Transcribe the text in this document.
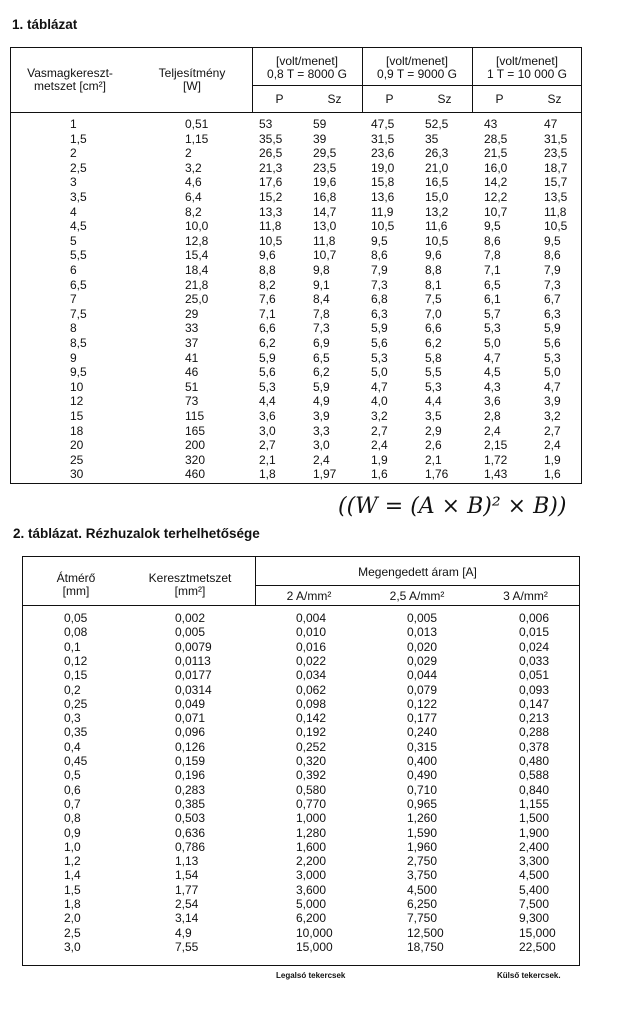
1. táblázat
Vasmagkereszt-
metszet [cm²]
Teljesítmény
[W]
[volt/menet]
0,8 T = 8000 G
[volt/menet]
0,9 T = 9000 G
[volt/menet]
1 T = 10 000 G
P	Sz	P	Sz	P	Sz
1	0,51	53	59	47,5	52,5	43	47
1,5	1,15	35,5	39	31,5	35	28,5	31,5
2	2	26,5	29,5	23,6	26,3	21,5	23,5
2,5	3,2	21,3	23,5	19,0	21,0	16,0	18,7
3	4,6	17,6	19,6	15,8	16,5	14,2	15,7
3,5	6,4	15,2	16,8	13,6	15,0	12,2	13,5
4	8,2	13,3	14,7	11,9	13,2	10,7	11,8
4,5	10,0	11,8	13,0	10,5	11,6	9,5	10,5
5	12,8	10,5	11,8	9,5	10,5	8,6	9,5
5,5	15,4	9,6	10,7	8,6	9,6	7,8	8,6
6	18,4	8,8	9,8	7,9	8,8	7,1	7,9
6,5	21,8	8,2	9,1	7,3	8,1	6,5	7,3
7	25,0	7,6	8,4	6,8	7,5	6,1	6,7
7,5	29	7,1	7,8	6,3	7,0	5,7	6,3
8	33	6,6	7,3	5,9	6,6	5,3	5,9
8,5	37	6,2	6,9	5,6	6,2	5,0	5,6
9	41	5,9	6,5	5,3	5,8	4,7	5,3
9,5	46	5,6	6,2	5,0	5,5	4,5	5,0
10	51	5,3	5,9	4,7	5,3	4,3	4,7
12	73	4,4	4,9	4,0	4,4	3,6	3,9
15	115	3,6	3,9	3,2	3,5	2,8	3,2
18	165	3,0	3,3	2,7	2,9	2,4	2,7
20	200	2,7	3,0	2,4	2,6	2,15	2,4
25	320	2,1	2,4	1,9	2,1	1,72	1,9
30	460	1,8	1,97	1,6	1,76	1,43	1,6
((W = (A × B)² × B))
2. táblázat. Rézhuzalok terhelhetősége
Átmérő
[mm]
Keresztmetszet
[mm²]
Megengedett áram [A]
2 A/mm²	2,5 A/mm²	3 A/mm²
0,05	0,002	0,004	0,005	0,006
0,08	0,005	0,010	0,013	0,015
0,1	0,0079	0,016	0,020	0,024
0,12	0,0113	0,022	0,029	0,033
0,15	0,0177	0,034	0,044	0,051
0,2	0,0314	0,062	0,079	0,093
0,25	0,049	0,098	0,122	0,147
0,3	0,071	0,142	0,177	0,213
0,35	0,096	0,192	0,240	0,288
0,4	0,126	0,252	0,315	0,378
0,45	0,159	0,320	0,400	0,480
0,5	0,196	0,392	0,490	0,588
0,6	0,283	0,580	0,710	0,840
0,7	0,385	0,770	0,965	1,155
0,8	0,503	1,000	1,260	1,500
0,9	0,636	1,280	1,590	1,900
1,0	0,786	1,600	1,960	2,400
1,2	1,13	2,200	2,750	3,300
1,4	1,54	3,000	3,750	4,500
1,5	1,77	3,600	4,500	5,400
1,8	2,54	5,000	6,250	7,500
2,0	3,14	6,200	7,750	9,300
2,5	4,9	10,000	12,500	15,000
3,0	7,55	15,000	18,750	22,500
Legalsó tekercsek	Külső tekercsek.
